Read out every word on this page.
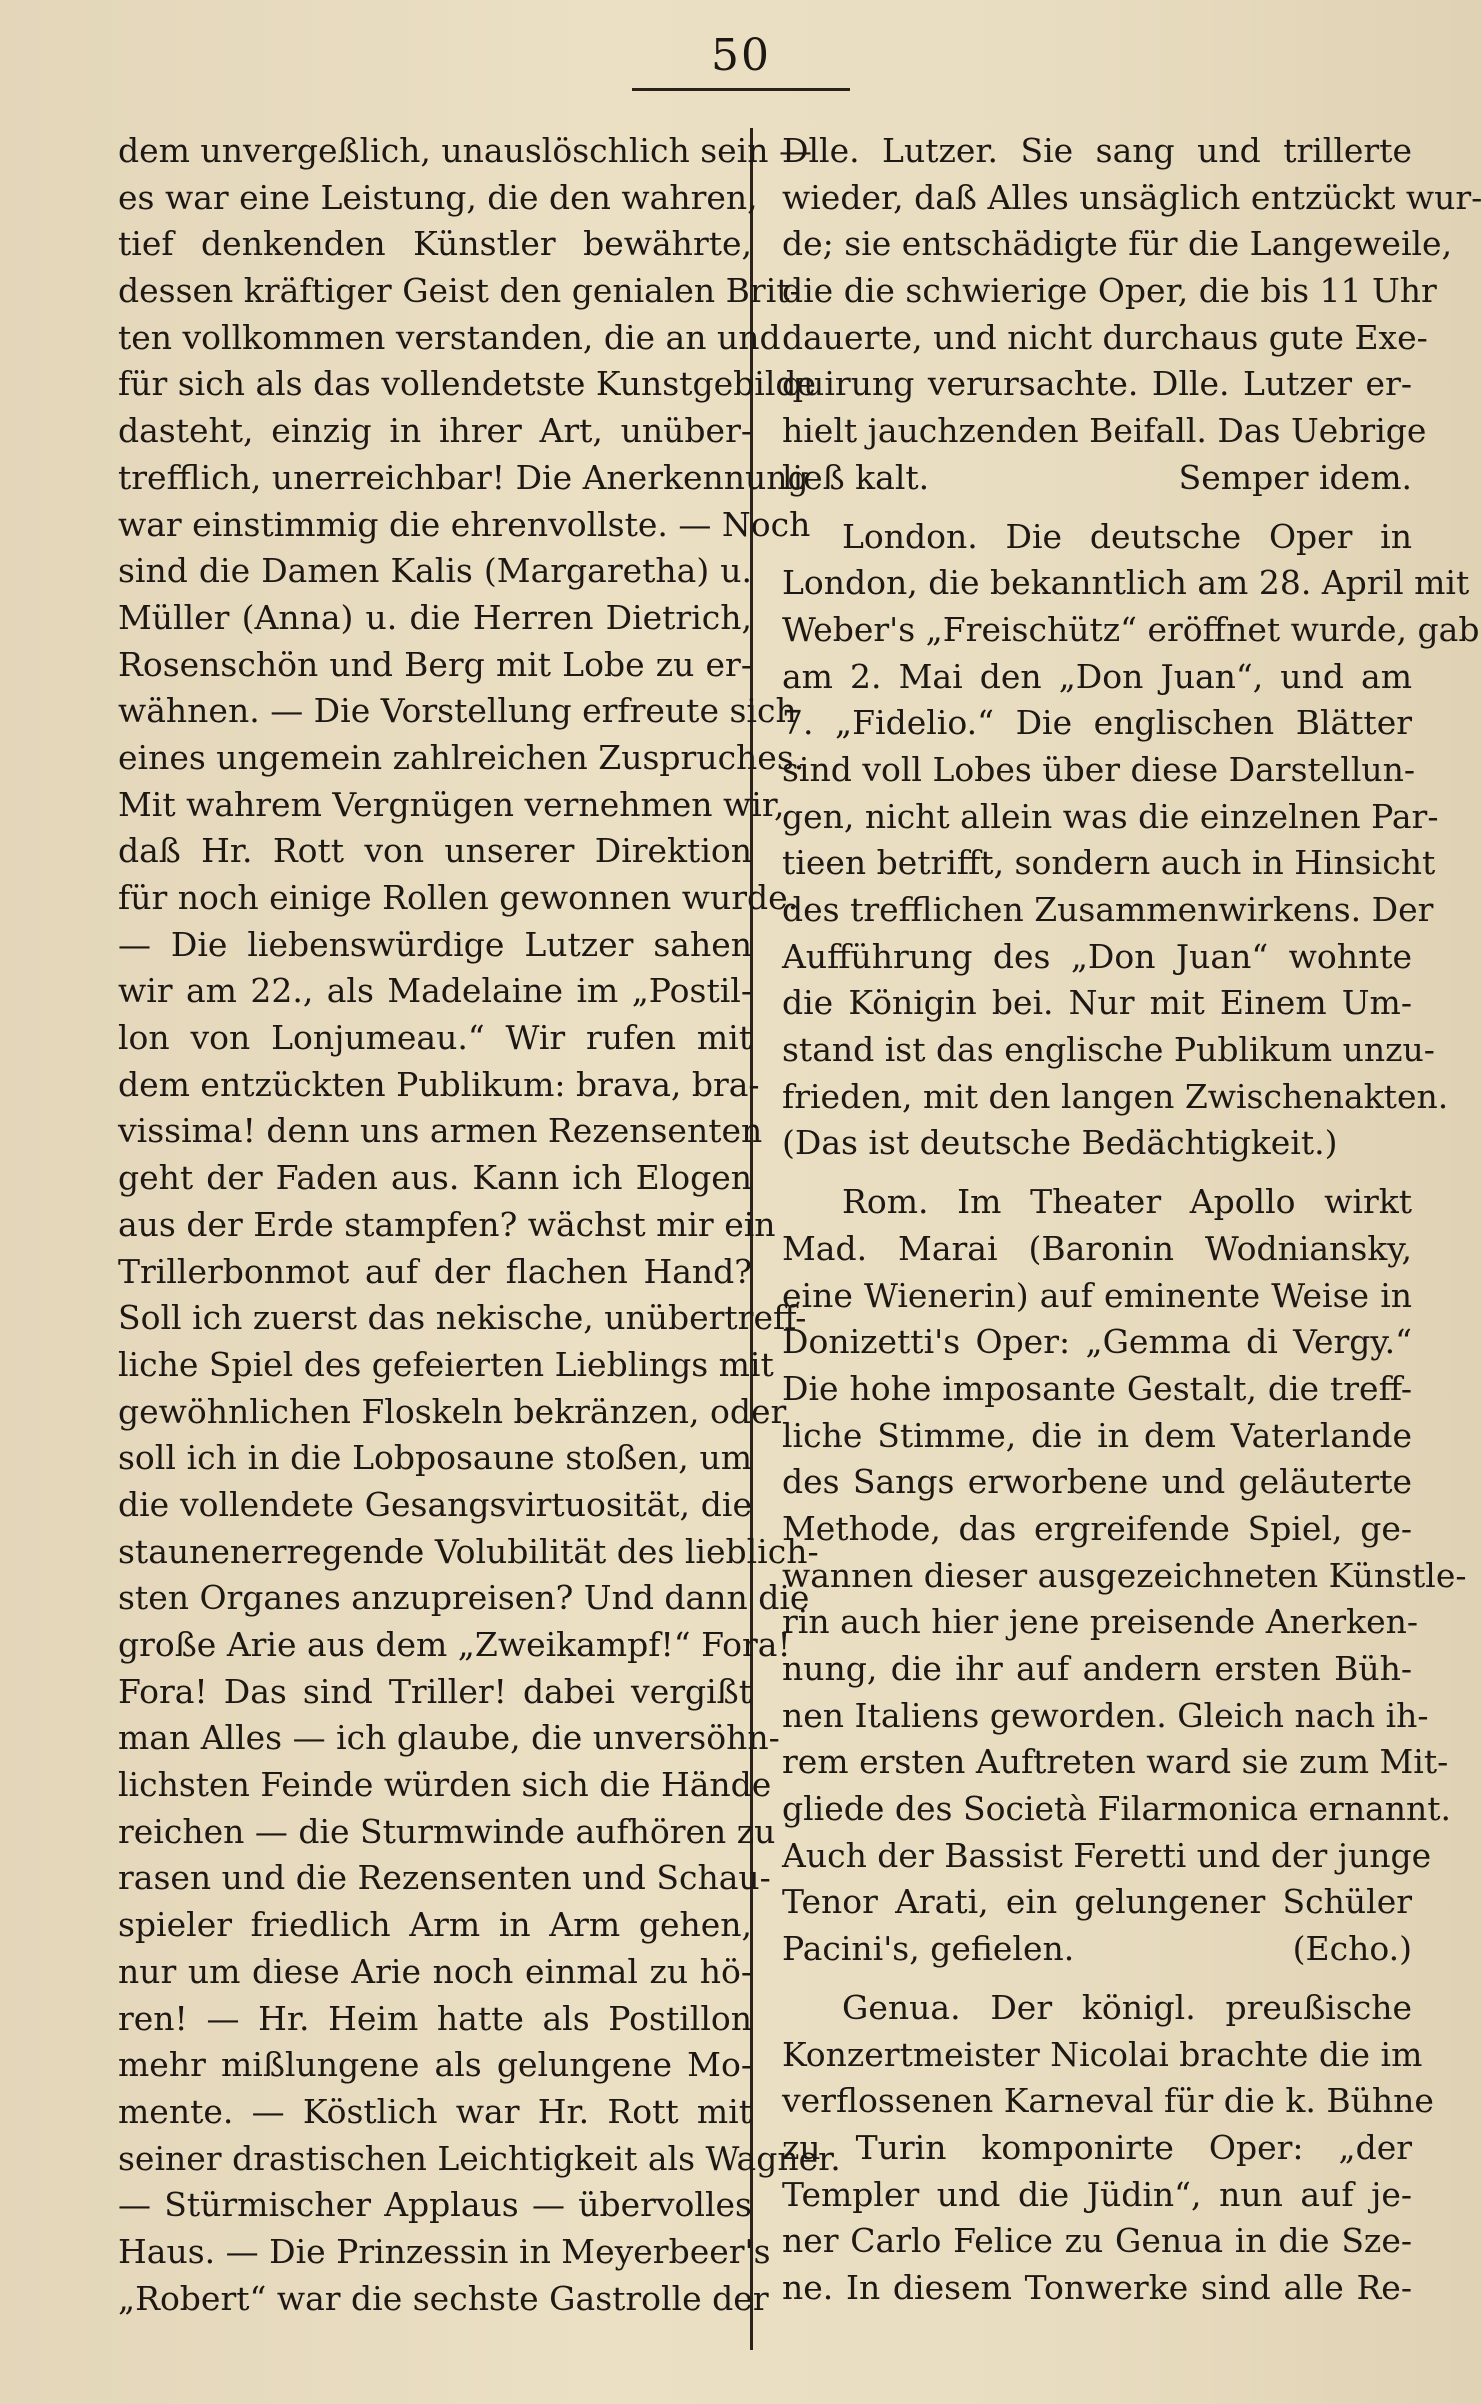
50
dem unvergeßlich, unauslöschlich sein —
es war eine Leistung, die den wahren,
tief denkenden Künstler bewährte,
dessen kräftiger Geist den genialen Brit-
ten vollkommen verstanden, die an und
für sich als das vollendetste Kunstgebilde
dasteht, einzig in ihrer Art, unüber-
trefflich, unerreichbar! Die Anerkennung
war einstimmig die ehrenvollste. — Noch
sind die Damen Kalis (Margaretha) u.
Müller (Anna) u. die Herren Dietrich,
Rosenschön und Berg mit Lobe zu er-
wähnen. — Die Vorstellung erfreute sich
eines ungemein zahlreichen Zuspruches.
Mit wahrem Vergnügen vernehmen wir,
daß Hr. Rott von unserer Direktion
für noch einige Rollen gewonnen wurde.
— Die liebenswürdige Lutzer sahen
wir am 22., als Madelaine im „Postil-
lon von Lonjumeau.“ Wir rufen mit
dem entzückten Publikum: brava, bra-
vissima! denn uns armen Rezensenten
geht der Faden aus. Kann ich Elogen
aus der Erde stampfen? wächst mir ein
Trillerbonmot auf der flachen Hand?
Soll ich zuerst das nekische, unübertreff-
liche Spiel des gefeierten Lieblings mit
gewöhnlichen Floskeln bekränzen, oder
soll ich in die Lobposaune stoßen, um
die vollendete Gesangsvirtuosität, die
staunenerregende Volubilität des lieblich-
sten Organes anzupreisen? Und dann die
große Arie aus dem „Zweikampf!“ Fora!
Fora! Das sind Triller! dabei vergißt
man Alles — ich glaube, die unversöhn-
lichsten Feinde würden sich die Hände
reichen — die Sturmwinde aufhören zu
rasen und die Rezensenten und Schau-
spieler friedlich Arm in Arm gehen,
nur um diese Arie noch einmal zu hö-
ren! — Hr. Heim hatte als Postillon
mehr mißlungene als gelungene Mo-
mente. — Köstlich war Hr. Rott mit
seiner drastischen Leichtigkeit als Wagner.
— Stürmischer Applaus — übervolles
Haus. — Die Prinzessin in Meyerbeer's
„Robert“ war die sechste Gastrolle der
Dlle. Lutzer. Sie sang und trillerte
wieder, daß Alles unsäglich entzückt wur-
de; sie entschädigte für die Langeweile,
die die schwierige Oper, die bis 11 Uhr
dauerte, und nicht durchaus gute Exe-
quirung verursachte. Dlle. Lutzer er-
hielt jauchzenden Beifall. Das Uebrige
ließ kalt.	Semper idem.
London. Die deutsche Oper in
London, die bekanntlich am 28. April mit
Weber's „Freischütz“ eröffnet wurde, gab
am 2. Mai den „Don Juan“, und am
7. „Fidelio.“ Die englischen Blätter
sind voll Lobes über diese Darstellun-
gen, nicht allein was die einzelnen Par-
tieen betrifft, sondern auch in Hinsicht
des trefflichen Zusammenwirkens. Der
Aufführung des „Don Juan“ wohnte
die Königin bei. Nur mit Einem Um-
stand ist das englische Publikum unzu-
frieden, mit den langen Zwischenakten.
(Das ist deutsche Bedächtigkeit.)
Rom. Im Theater Apollo wirkt
Mad. Marai (Baronin Wodniansky,
eine Wienerin) auf eminente Weise in
Donizetti's Oper: „Gemma di Vergy.“
Die hohe imposante Gestalt, die treff-
liche Stimme, die in dem Vaterlande
des Sangs erworbene und geläuterte
Methode, das ergreifende Spiel, ge-
wannen dieser ausgezeichneten Künstle-
rin auch hier jene preisende Anerken-
nung, die ihr auf andern ersten Büh-
nen Italiens geworden. Gleich nach ih-
rem ersten Auftreten ward sie zum Mit-
gliede des Società Filarmonica ernannt.
Auch der Bassist Feretti und der junge
Tenor Arati, ein gelungener Schüler
Pacini's, gefielen.	(Echo.)
Genua. Der königl. preußische
Konzertmeister Nicolai brachte die im
verflossenen Karneval für die k. Bühne
zu Turin komponirte Oper: „der
Templer und die Jüdin“, nun auf je-
ner Carlo Felice zu Genua in die Sze-
ne. In diesem Tonwerke sind alle Re-
